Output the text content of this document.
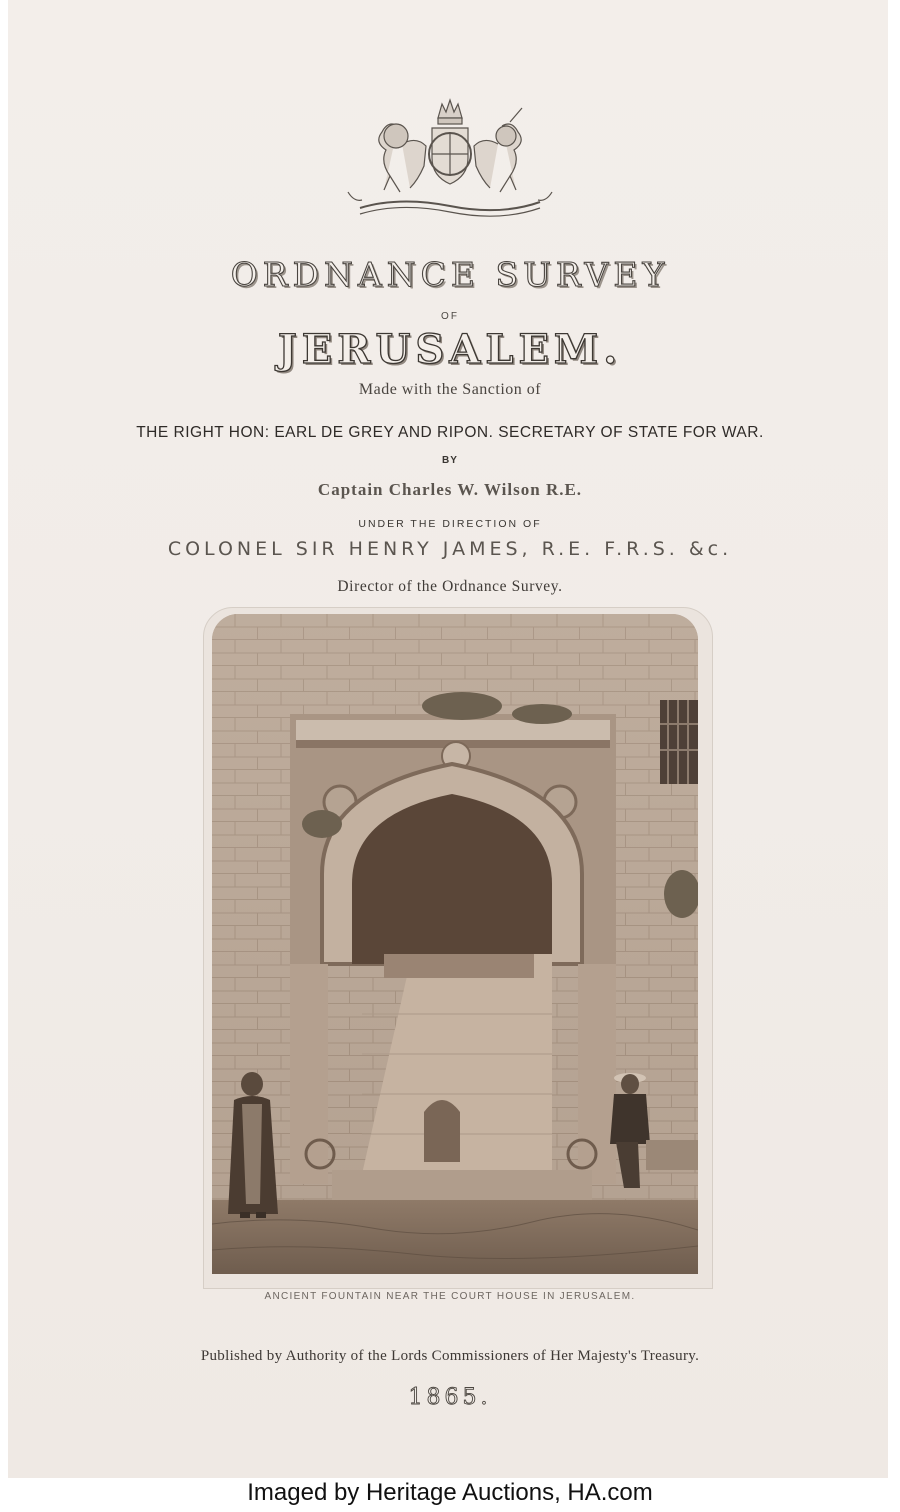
ORDNANCE SURVEY
OF
JERUSALEM.
Made with the Sanction of
THE RIGHT HON: EARL DE GREY AND RIPON. SECRETARY OF STATE FOR WAR.
BY
Captain Charles W. Wilson R.E.
UNDER THE DIRECTION OF
COLONEL SIR HENRY JAMES, R.E. F.R.S. &c.
Director of the Ordnance Survey.
ANCIENT FOUNTAIN NEAR THE COURT HOUSE IN JERUSALEM.
Published by Authority of the Lords Commissioners of Her Majesty's Treasury.
1865.
Imaged by Heritage Auctions, HA.com
